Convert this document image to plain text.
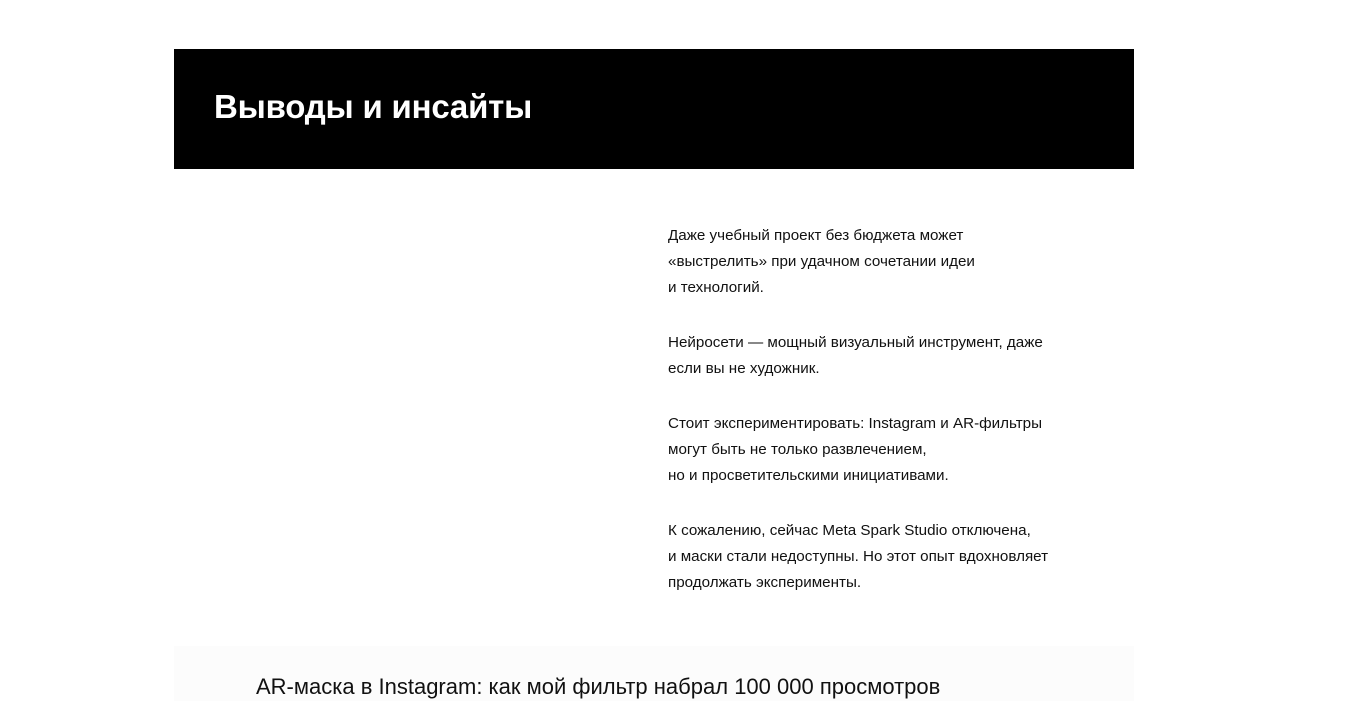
Выводы и инсайты

Даже учебный проект без бюджета может
«выстрелить» при удачном сочетании идеи
и технологий.

Нейросети — мощный визуальный инструмент, даже
если вы не художник.

Стоит экспериментировать: Instagram и AR-фильтры
могут быть не только развлечением,
но и просветительскими инициативами.

К сожалению, сейчас Meta Spark Studio отключена,
и маски стали недоступны. Но этот опыт вдохновляет
продолжать эксперименты.

AR-маска в Instagram: как мой фильтр набрал 100 000 просмотров
